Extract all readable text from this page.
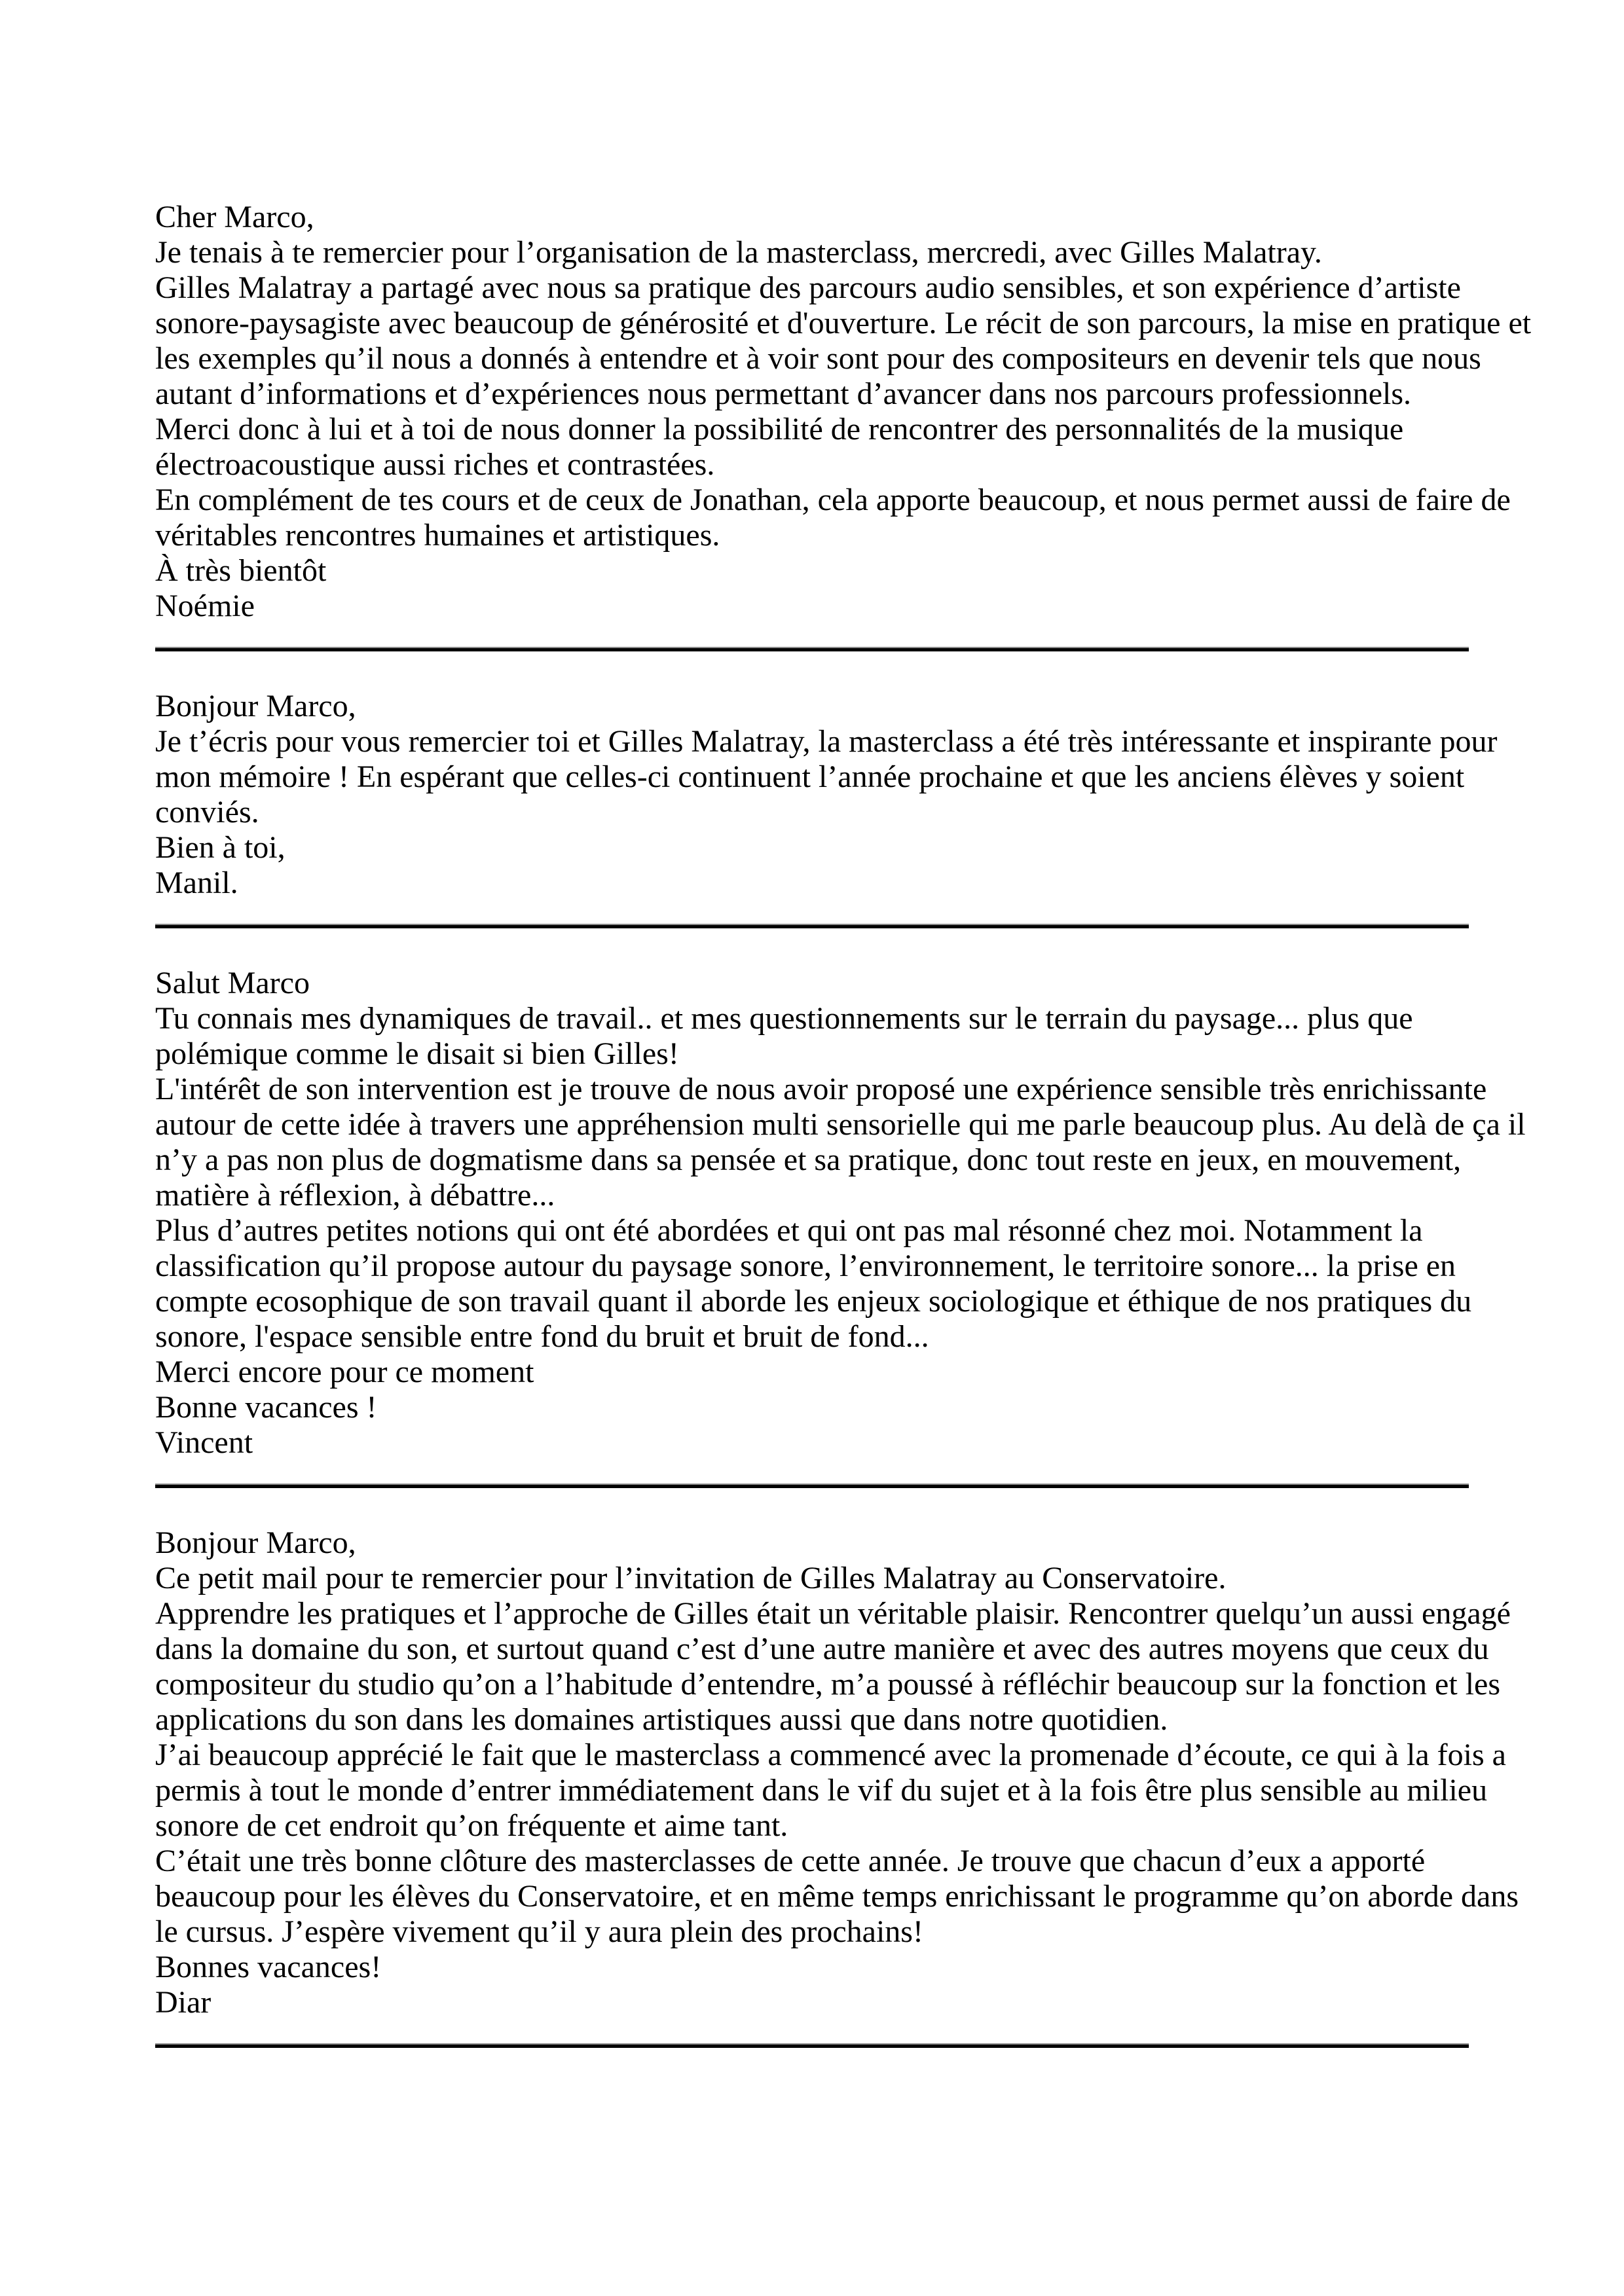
Cher Marco,
Je tenais à te remercier pour l’organisation de la masterclass, mercredi, avec Gilles Malatray.
Gilles Malatray a partagé avec nous sa pratique des parcours audio sensibles, et son expérience d’artiste
sonore-paysagiste avec beaucoup de générosité et d'ouverture. Le récit de son parcours, la mise en pratique et
les exemples qu’il nous a donnés à entendre et à voir sont pour des compositeurs en devenir tels que nous
autant d’informations et d’expériences nous permettant d’avancer dans nos parcours professionnels.
Merci donc à lui et à toi de nous donner la possibilité de rencontrer des personnalités de la musique
électroacoustique aussi riches et contrastées.
En complément de tes cours et de ceux de Jonathan, cela apporte beaucoup, et nous permet aussi de faire de
véritables rencontres humaines et artistiques.
À très bientôt
Noémie
Bonjour Marco,
Je t’écris pour vous remercier toi et Gilles Malatray, la masterclass a été très intéressante et inspirante pour
mon mémoire ! En espérant que celles-ci continuent l’année prochaine et que les anciens élèves y soient
conviés.
Bien à toi,
Manil.
Salut Marco
Tu connais mes dynamiques de travail.. et mes questionnements sur le terrain du paysage... plus que
polémique comme le disait si bien Gilles!
L'intérêt de son intervention est je trouve de nous avoir proposé une expérience sensible très enrichissante
autour de cette idée à travers une appréhension multi sensorielle qui me parle beaucoup plus. Au delà de ça il
n’y a pas non plus de dogmatisme dans sa pensée et sa pratique, donc tout reste en jeux, en mouvement,
matière à réflexion, à débattre...
Plus d’autres petites notions qui ont été abordées et qui ont pas mal résonné chez moi. Notamment la
classification qu’il propose autour du paysage sonore, l’environnement, le territoire sonore... la prise en
compte ecosophique de son travail quant il aborde les enjeux sociologique et éthique de nos pratiques du
sonore, l'espace sensible entre fond du bruit et bruit de fond...
Merci encore pour ce moment
Bonne vacances !
Vincent
Bonjour Marco,
Ce petit mail pour te remercier pour l’invitation de Gilles Malatray au Conservatoire.
Apprendre les pratiques et l’approche de Gilles était un véritable plaisir. Rencontrer quelqu’un aussi engagé
dans la domaine du son, et surtout quand c’est d’une autre manière et avec des autres moyens que ceux du
compositeur du studio qu’on a l’habitude d’entendre, m’a poussé à réfléchir beaucoup sur la fonction et les
applications du son dans les domaines artistiques aussi que dans notre quotidien.
J’ai beaucoup apprécié le fait que le masterclass a commencé avec la promenade d’écoute, ce qui à la fois a
permis à tout le monde d’entrer immédiatement dans le vif du sujet et à la fois être plus sensible au milieu
sonore de cet endroit qu’on fréquente et aime tant.
C’était une très bonne clôture des masterclasses de cette année. Je trouve que chacun d’eux a apporté
beaucoup pour les élèves du Conservatoire, et en même temps enrichissant le programme qu’on aborde dans
le cursus. J’espère vivement qu’il y aura plein des prochains!
Bonnes vacances!
Diar
